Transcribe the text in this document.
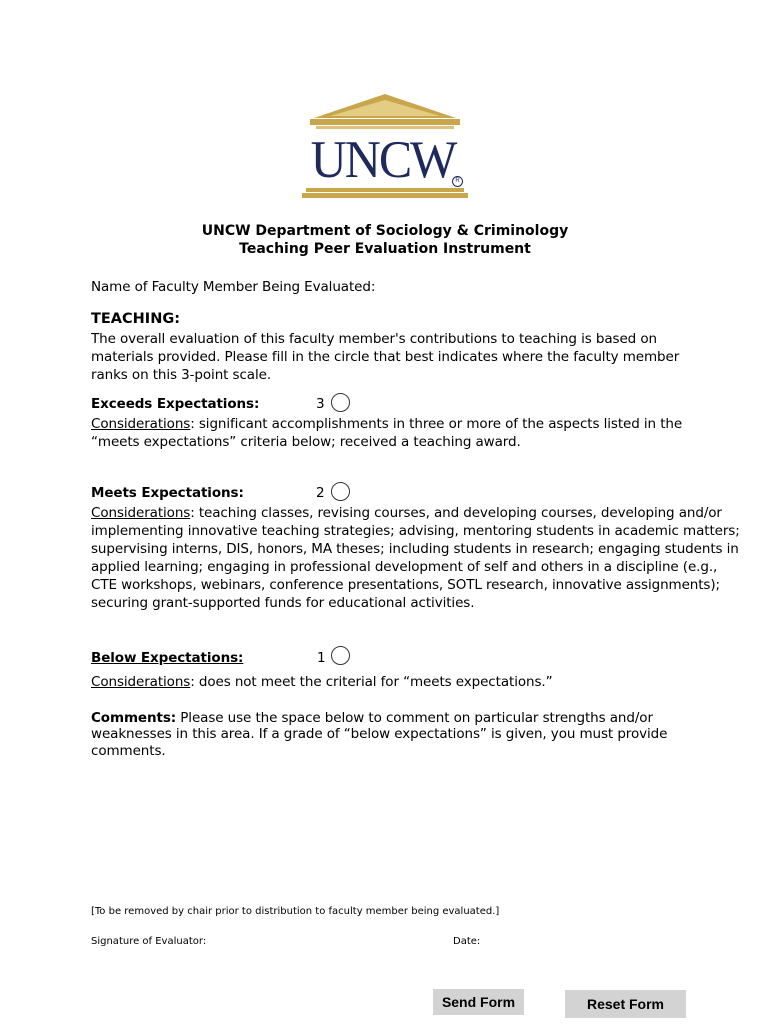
UNCW R
UNCW Department of Sociology & Criminology
Teaching Peer Evaluation Instrument
Name of Faculty Member Being Evaluated:
TEACHING:
The overall evaluation of this faculty member's contributions to teaching is based on
materials provided. Please fill in the circle that best indicates where the faculty member
ranks on this 3-point scale.
Exceeds Expectations:	3
Considerations: significant accomplishments in three or more of the aspects listed in the
“meets expectations” criteria below; received a teaching award.
Meets Expectations:	2
Considerations: teaching classes, revising courses, and developing courses, developing and/or
implementing innovative teaching strategies; advising, mentoring students in academic matters;
supervising interns, DIS, honors, MA theses; including students in research; engaging students in
applied learning; engaging in professional development of self and others in a discipline (e.g.,
CTE workshops, webinars, conference presentations, SOTL research, innovative assignments);
securing grant-supported funds for educational activities.
Below Expectations:	1
Considerations: does not meet the criterial for “meets expectations.”
Comments: Please use the space below to comment on particular strengths and/or
weaknesses in this area. If a grade of “below expectations” is given, you must provide
comments.
[To be removed by chair prior to distribution to faculty member being evaluated.]
Signature of Evaluator:	Date:
Send Form	Reset Form
